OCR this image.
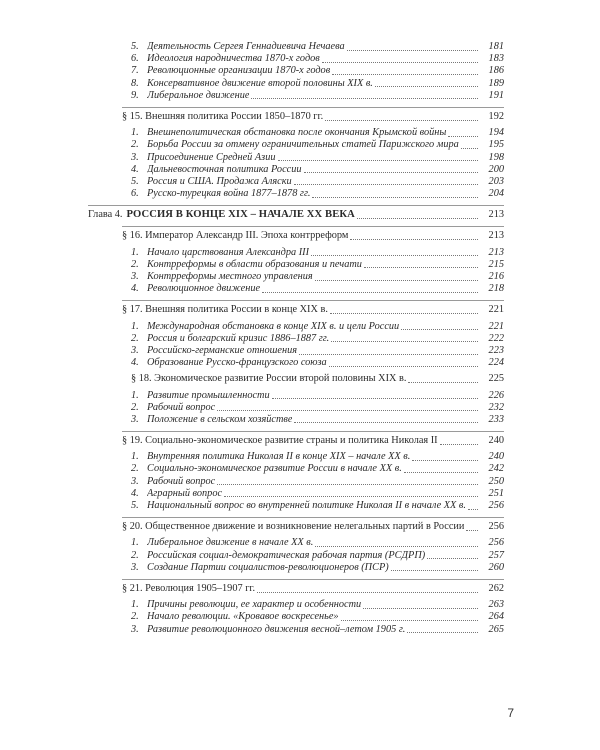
5. Деятельность Сергея Геннадиевича Нечаева	181
6. Идеология народничества 1870-х годов	183
7. Революционные организации 1870-х годов	186
8. Консервативное движение второй половины XIX в.	189
9. Либеральное движение	191
§ 15. Внешняя политика России 1850–1870 гг.	192
1. Внешнеполитическая обстановка после окончания Крымской войны	194
2. Борьба России за отмену ограничительных статей Парижского мира	195
3. Присоединение Средней Азии	198
4. Дальневосточная политика России	200
5. Россия и США. Продажа Аляски	203
6. Русско-турецкая война 1877–1878 гг.	204
Глава 4. РОССИЯ В КОНЦЕ XIX – НАЧАЛЕ XX ВЕКА	213
§ 16. Император Александр III. Эпоха контрреформ	213
1. Начало царствования Александра III	213
2. Контрреформы в области образования и печати	215
3. Контрреформы местного управления	216
4. Революционное движение	218
§ 17. Внешняя политика России в конце XIX в.	221
1. Международная обстановка в конце XIX в. и цели России	221
2. Россия и болгарский кризис 1886–1887 гг.	222
3. Российско-германские отношения	223
4. Образование Русско-французского союза	224
§ 18. Экономическое развитие России второй половины XIX в.	225
1. Развитие промышленности	226
2. Рабочий вопрос	232
3. Положение в сельском хозяйстве	233
§ 19. Социально-экономическое развитие страны и политика Николая II	240
1. Внутренняя политика Николая II в конце XIX – начале XX в.	240
2. Социально-экономическое развитие России в начале XX в.	242
3. Рабочий вопрос	250
4. Аграрный вопрос	251
5. Национальный вопрос во внутренней политике Николая II в начале XX в.	256
§ 20. Общественное движение и возникновение нелегальных партий в России	256
1. Либеральное движение в начале XX в.	256
2. Российская социал-демократическая рабочая партия (РСДРП)	257
3. Создание Партии социалистов-революционеров (ПСР)	260
§ 21. Революция 1905–1907 гг.	262
1. Причины революции, ее характер и особенности	263
2. Начало революции. «Кровавое воскресенье»	264
3. Развитие революционного движения весной–летом 1905 г.	265
7
